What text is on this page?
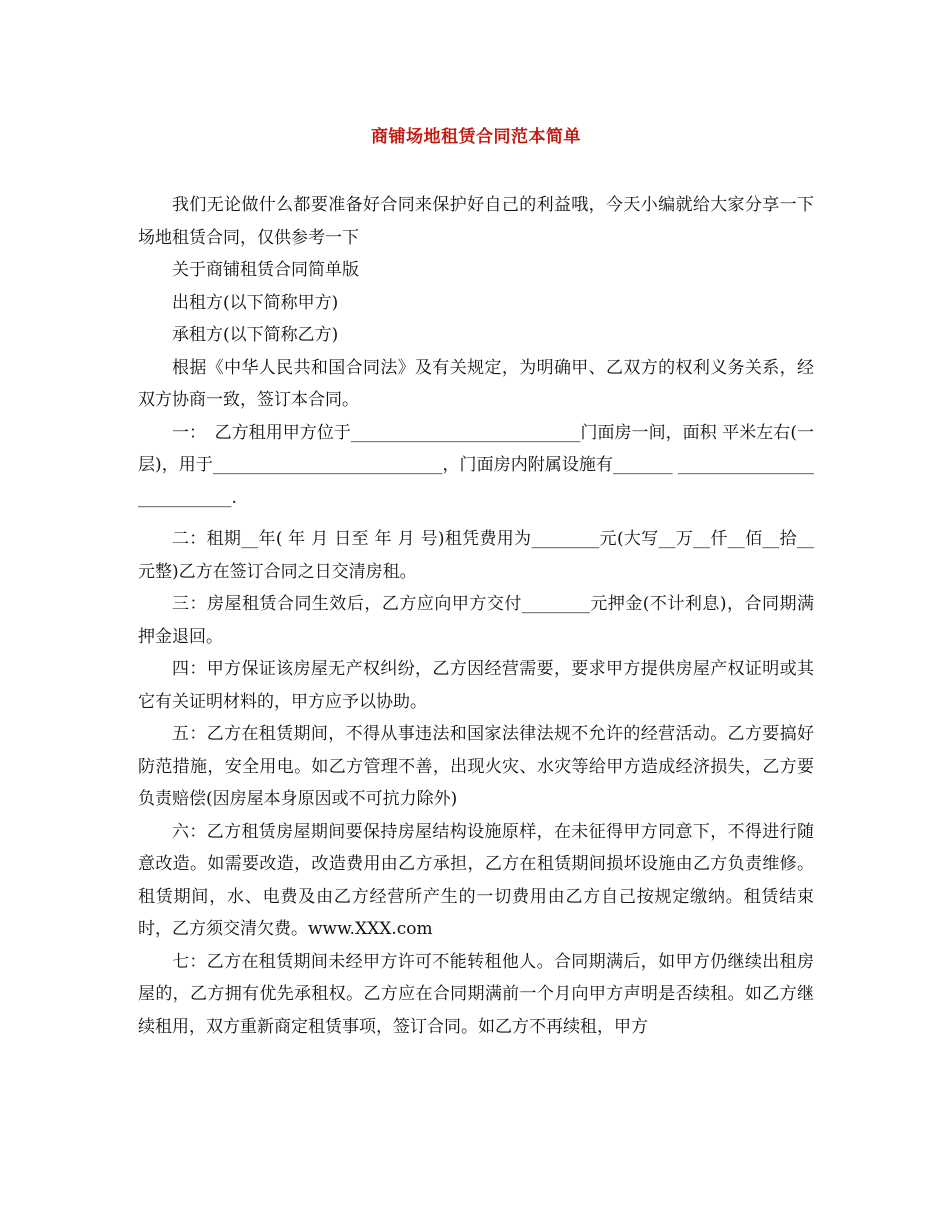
商铺场地租赁合同范本简单

我们无论做什么都要准备好合同来保护好自己的利益哦，今天小编就给大家分享一下场地租赁合同，仅供参考一下

关于商铺租赁合同简单版

出租方(以下简称甲方)

承租方(以下简称乙方)

根据《中华人民共和国合同法》及有关规定，为明确甲、乙双方的权利义务关系，经双方协商一致，签订本合同。

一：　乙方租用甲方位于___________________________门面房一间，面积 平米左右(一层)，用于___________________________，门面房内附属设施有_______ ___________________________.

二：租期__年( 年 月 日至 年 月 号)租凭费用为________元(大写__万__仟__佰__拾__元整)乙方在签订合同之日交清房租。

三：房屋租赁合同生效后，乙方应向甲方交付________元押金(不计利息)，合同期满押金退回。

四：甲方保证该房屋无产权纠纷，乙方因经营需要，要求甲方提供房屋产权证明或其它有关证明材料的，甲方应予以协助。

五：乙方在租赁期间，不得从事违法和国家法律法规不允许的经营活动。乙方要搞好防范措施，安全用电。如乙方管理不善，出现火灾、水灾等给甲方造成经济损失，乙方要负责赔偿(因房屋本身原因或不可抗力除外)

六：乙方租赁房屋期间要保持房屋结构设施原样，在未征得甲方同意下，不得进行随意改造。如需要改造，改造费用由乙方承担，乙方在租赁期间损坏设施由乙方负责维修。租赁期间，水、电费及由乙方经营所产生的一切费用由乙方自己按规定缴纳。租赁结束时，乙方须交清欠费。www.XXX.com

七：乙方在租赁期间未经甲方许可不能转租他人。合同期满后，如甲方仍继续出租房屋的，乙方拥有优先承租权。乙方应在合同期满前一个月向甲方声明是否续租。如乙方继续租用，双方重新商定租赁事项，签订合同。如乙方不再续租，甲方
